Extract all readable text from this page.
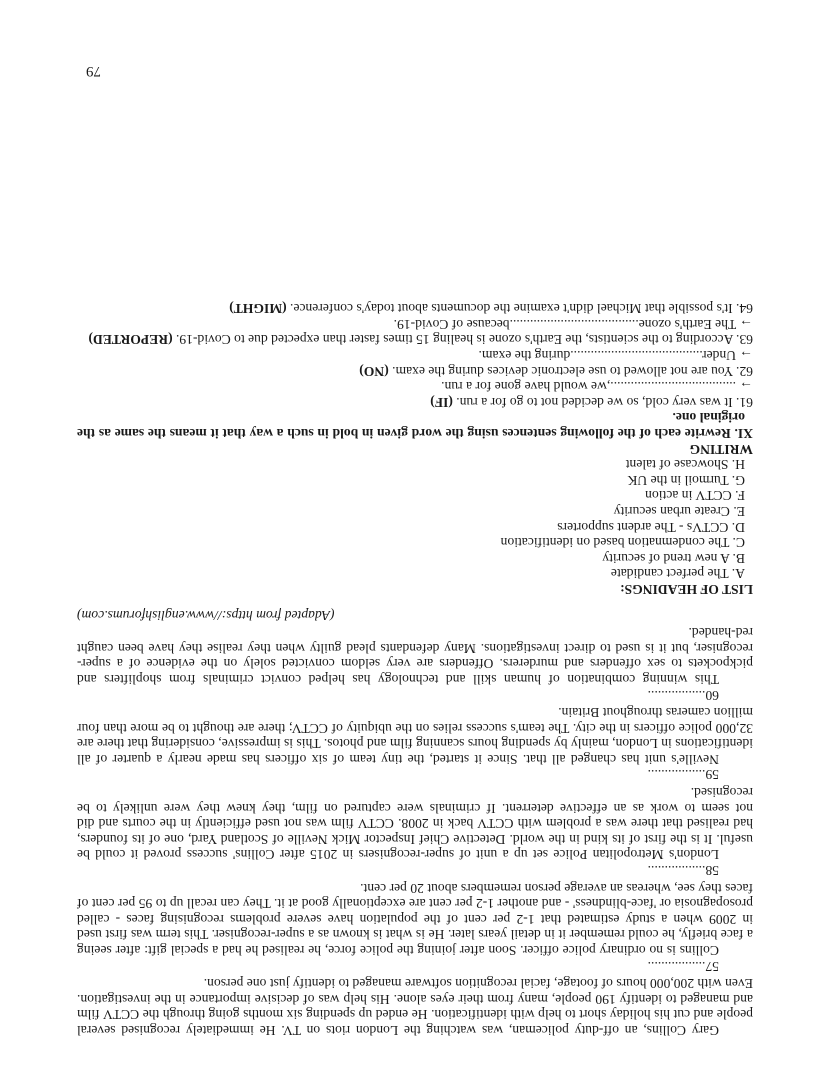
Gary Collins, an off-duty policeman, was watching the London riots on TV. He immediately recognised several people and cut his holiday short to help with identification. He ended up spending six months going through the CCTV film and managed to identify 190 people, many from their eyes alone. His help was of decisive importance in the investigation. Even with 200,000 hours of footage, facial recognition software managed to identify just one person.

57.................

Collins is no ordinary police officer. Soon after joining the police force, he realised he had a special gift: after seeing a face briefly, he could remember it in detail years later. He is what is known as a super-recogniser. This term was first used in 2009 when a study estimated that 1-2 per cent of the population have severe problems recognising faces - called prosopagnosia or 'face-blindness' - and another 1-2 per cent are exceptionally good at it. They can recall up to 95 per cent of faces they see, whereas an average person remembers about 20 per cent.

58.................

London's Metropolitan Police set up a unit of super-recognisers in 2015 after Collins' success proved it could be useful. It is the first of its kind in the world. Detective Chief Inspector Mick Neville of Scotland Yard, one of its founders, had realised that there was a problem with CCTV back in 2008. CCTV film was not used efficiently in the courts and did not seem to work as an effective deterrent. If criminals were captured on film, they knew they were unlikely to be recognised.

59.................

Neville's unit has changed all that. Since it started, the tiny team of six officers has made nearly a quarter of all identifications in London, mainly by spending hours scanning film and photos. This is impressive, considering that there are 32,000 police officers in the city. The team's success relies on the ubiquity of CCTV; there are thought to be more than four million cameras throughout Britain.

60.................

This winning combination of human skill and technology has helped convict criminals from shoplifters and pickpockets to sex offenders and murderers. Offenders are very seldom convicted solely on the evidence of a super-recogniser, but it is used to direct investigations. Many defendants plead guilty when they realise they have been caught red-handed.

(Adapted from https://www.englishforums.com)

LIST OF HEADINGS:

A. The perfect candidate
B. A new trend of security
C. The condemnation based on identification
D. CCTVs - The ardent supporters
E. Create urban security
F. CCTV in action
G. Turmoil in the UK
H. Showcase of talent

WRITING

XI. Rewrite each of the following sentences using the word given in bold in such a way that it means the same as the original one.

61. It was very cold, so we decided not to go for a run. (IF)

→ .....................................,we would have gone for a run.

62. You are not allowed to use electronic devices during the exam. (NO)

→ Under.......................................during the exam.

63. According to the scientists, the Earth's ozone is healing 15 times faster than expected due to Covid-19. (REPORTED)

→ The Earth's ozone......................................because of Covid-19.

64. It's possible that Michael didn't examine the documents about today's conference. (MIGHT)

79
